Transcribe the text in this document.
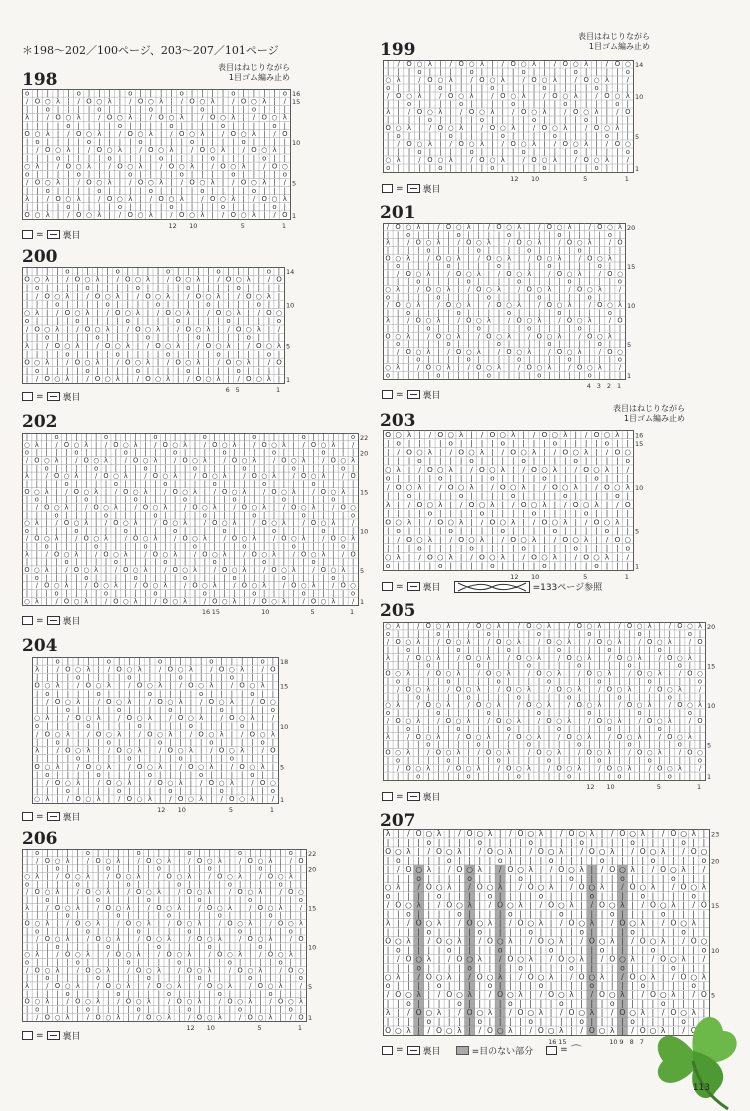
＊198〜202／100ページ、203〜207／101ページ
198
表目はねじりながら
1目ゴム編み止め
o | | | | o | | | | o | | | | o | | | | o | | | | o
/ O ○ λ | / O ○ λ | / O ○ λ | / O ○ λ | / O ○ λ | /
| | o | | | | o | | | | o | | | | o | | | | o | | |
λ | / O ○ λ | / O ○ λ | / O ○ λ | / O ○ λ | / O ○ λ
| | | | o | | | | o | | | | o | | | | o | | | | o |
O ○ λ | / O ○ λ | / O ○ λ | / O ○ λ | / O ○ λ | / O
| o | | | | o | | | | o | | | | o | | | | o | | | |
| / O ○ λ | / O ○ λ | / O ○ λ | / O ○ λ | / O ○ λ |
| | | o | | | | o | | | | o | | | | o | | | | o | |
○ λ | / O ○ λ | / O ○ λ | / O ○ λ | / O ○ λ | / O ○
o | | | | o | | | | o | | | | o | | | | o | | | | o
/ O ○ λ | / O ○ λ | / O ○ λ | / O ○ λ | / O ○ λ | /
| | o | | | | o | | | | o | | | | o | | | | o | | |
λ | / O ○ λ | / O ○ λ | / O ○ λ | / O ○ λ | / O ○ λ
| | | | o | | | | o | | | | o | | | | o | | | | o |
O ○ λ | / O ○ λ | / O ○ λ | / O ○ λ | / O ○ λ | / O
16
15
10
5
1
12 10	5	1
= 裏目
200
| | | | o | | | | o | | | | o | | | | o | | | | o |
O ○ λ | / O ○ λ | / O ○ λ | / O ○ λ | / O ○ λ | / O
| o | | | | o | | | | o | | | | o | | | | o | | | |
| / O ○ λ | / O ○ λ | / O ○ λ | / O ○ λ | / O ○ λ |
| | | o | | | | o | | | | o | | | | o | | | | o | |
○ λ | / O ○ λ | / O ○ λ | / O ○ λ | / O ○ λ | / O ○
o | | | | o | | | | o | | | | o | | | | o | | | | o
/ O ○ λ | / O ○ λ | / O ○ λ | / O ○ λ | / O ○ λ | /
| | o | | | | o | | | | o | | | | o | | | | o | | |
λ | / O ○ λ | / O ○ λ | / O ○ λ | / O ○ λ | / O ○ λ
| | | | o | | | | o | | | | o | | | | o | | | | o |
O ○ λ | / O ○ λ | / O ○ λ | / O ○ λ | / O ○ λ | / O
| o | | | | o | | | | o | | | | o | | | | o | | | |
| / O ○ λ | / O ○ λ | / O ○ λ | / O ○ λ | / O ○ λ |
14
10
5
1
6 5	1
= 裏目
202
| | | o | | | | o | | | | o | | | | o | | | | o | | | | o | | | | o
○ λ | / O ○ λ | / O ○ λ | / O ○ λ | / O ○ λ | / O ○ λ | / O ○ λ | /
o | | | | o | | | | o | | | | o | | | | o | | | | o | | | | o | | |
/ O ○ λ | / O ○ λ | / O ○ λ | / O ○ λ | / O ○ λ | / O ○ λ | / O ○ λ
| | o | | | | o | | | | o | | | | o | | | | o | | | | o | | | | o |
λ | / O ○ λ | / O ○ λ | / O ○ λ | / O ○ λ | / O ○ λ | / O ○ λ | / O
| | | | o | | | | o | | | | o | | | | o | | | | o | | | | o | | | |
O ○ λ | / O ○ λ | / O ○ λ | / O ○ λ | / O ○ λ | / O ○ λ | / O ○ λ |
| o | | | | o | | | | o | | | | o | | | | o | | | | o | | | | o | |
| / O ○ λ | / O ○ λ | / O ○ λ | / O ○ λ | / O ○ λ | / O ○ λ | / O ○
| | | o | | | | o | | | | o | | | | o | | | | o | | | | o | | | | o
○ λ | / O ○ λ | / O ○ λ | / O ○ λ | / O ○ λ | / O ○ λ | / O ○ λ | /
o | | | | o | | | | o | | | | o | | | | o | | | | o | | | | o | | |
/ O ○ λ | / O ○ λ | / O ○ λ | / O ○ λ | / O ○ λ | / O ○ λ | / O ○ λ
| | o | | | | o | | | | o | | | | o | | | | o | | | | o | | | | o |
λ | / O ○ λ | / O ○ λ | / O ○ λ | / O ○ λ | / O ○ λ | / O ○ λ | / O
| | | | o | | | | o | | | | o | | | | o | | | | o | | | | o | | | |
O ○ λ | / O ○ λ | / O ○ λ | / O ○ λ | / O ○ λ | / O ○ λ | / O ○ λ |
| o | | | | o | | | | o | | | | o | | | | o | | | | o | | | | o | |
| / O ○ λ | / O ○ λ | / O ○ λ | / O ○ λ | / O ○ λ | / O ○ λ | / O ○
| | | o | | | | o | | | | o | | | | o | | | | o | | | | o | | | | o
○ λ | / O ○ λ | / O ○ λ | / O ○ λ | / O ○ λ | / O ○ λ | / O ○ λ | /
22
20
15
10
5
1
16 15	10	5	1
= 裏目
204
| | o | | | | o | | | | o | | | | o | | | | o |
λ | / O ○ λ | / O ○ λ | / O ○ λ | / O ○ λ | / O
| | | | o | | | | o | | | | o | | | | o | | | |
O ○ λ | / O ○ λ | / O ○ λ | / O ○ λ | / O ○ λ |
| o | | | | o | | | | o | | | | o | | | | o | |
| / O ○ λ | / O ○ λ | / O ○ λ | / O ○ λ | / O ○
| | | o | | | | o | | | | o | | | | o | | | | o
○ λ | / O ○ λ | / O ○ λ | / O ○ λ | / O ○ λ | /
o | | | | o | | | | o | | | | o | | | | o | | |
/ O ○ λ | / O ○ λ | / O ○ λ | / O ○ λ | / O ○ λ
| | o | | | | o | | | | o | | | | o | | | | o |
λ | / O ○ λ | / O ○ λ | / O ○ λ | / O ○ λ | / O
| | | | o | | | | o | | | | o | | | | o | | | |
O ○ λ | / O ○ λ | / O ○ λ | / O ○ λ | / O ○ λ |
| o | | | | o | | | | o | | | | o | | | | o | |
| / O ○ λ | / O ○ λ | / O ○ λ | / O ○ λ | / O ○
| | | o | | | | o | | | | o | | | | o | | | | o
○ λ | / O ○ λ | / O ○ λ | / O ○ λ | / O ○ λ | /
18
15
10
5
1
12 10	5	1
= 裏目
206
| o | | | | o | | | | o | | | | o | | | | o | | | | o |
| / O ○ λ | / O ○ λ | / O ○ λ | / O ○ λ | / O ○ λ | / O
| | | o | | | | o | | | | o | | | | o | | | | o | | | |
○ λ | / O ○ λ | / O ○ λ | / O ○ λ | / O ○ λ | / O ○ λ |
o | | | | o | | | | o | | | | o | | | | o | | | | o | |
/ O ○ λ | / O ○ λ | / O ○ λ | / O ○ λ | / O ○ λ | / O ○
| | o | | | | o | | | | o | | | | o | | | | o | | | | o
λ | / O ○ λ | / O ○ λ | / O ○ λ | / O ○ λ | / O ○ λ | /
| | | | o | | | | o | | | | o | | | | o | | | | o | | |
O ○ λ | / O ○ λ | / O ○ λ | / O ○ λ | / O ○ λ | / O ○ λ
| o | | | | o | | | | o | | | | o | | | | o | | | | o |
| / O ○ λ | / O ○ λ | / O ○ λ | / O ○ λ | / O ○ λ | / O
| | | o | | | | o | | | | o | | | | o | | | | o | | | |
○ λ | / O ○ λ | / O ○ λ | / O ○ λ | / O ○ λ | / O ○ λ |
o | | | | o | | | | o | | | | o | | | | o | | | | o | |
/ O ○ λ | / O ○ λ | / O ○ λ | / O ○ λ | / O ○ λ | / O ○
| | o | | | | o | | | | o | | | | o | | | | o | | | | o
λ | / O ○ λ | / O ○ λ | / O ○ λ | / O ○ λ | / O ○ λ | /
| | | | o | | | | o | | | | o | | | | o | | | | o | | |
O ○ λ | / O ○ λ | / O ○ λ | / O ○ λ | / O ○ λ | / O ○ λ
| o | | | | o | | | | o | | | | o | | | | o | | | | o |
| / O ○ λ | / O ○ λ | / O ○ λ | / O ○ λ | / O ○ λ | / O
22
20
15
10
5
1
12 10	5	1
= 裏目
199
表目はねじりながら
1目ゴム編み止め
| / O ○ λ | / O ○ λ | / O ○ λ | / O ○ λ | / O ○
| | | o | | | | o | | | | o | | | | o | | | | o
○ λ | / O ○ λ | / O ○ λ | / O ○ λ | / O ○ λ | /
o | | | | o | | | | o | | | | o | | | | o | | |
/ O ○ λ | / O ○ λ | / O ○ λ | / O ○ λ | / O ○ λ
| | o | | | | o | | | | o | | | | o | | | | o |
λ | / O ○ λ | / O ○ λ | / O ○ λ | / O ○ λ | / O
| | | | o | | | | o | | | | o | | | | o | | | |
O ○ λ | / O ○ λ | / O ○ λ | / O ○ λ | / O ○ λ |
| o | | | | o | | | | o | | | | o | | | | o | |
| / O ○ λ | / O ○ λ | / O ○ λ | / O ○ λ | / O ○
| | | o | | | | o | | | | o | | | | o | | | | o
○ λ | / O ○ λ | / O ○ λ | / O ○ λ | / O ○ λ | /
o | | | | o | | | | o | | | | o | | | | o | | |
14
10
5
1
12 10	5	1
= 裏目
201
/ O ○ λ | / O ○ λ | / O ○ λ | / O ○ λ | / O ○ λ
| | o | | | | o | | | | o | | | | o | | | | o |
λ | / O ○ λ | / O ○ λ | / O ○ λ | / O ○ λ | / O
| | | | o | | | | o | | | | o | | | | o | | | |
O ○ λ | / O ○ λ | / O ○ λ | / O ○ λ | / O ○ λ |
| o | | | | o | | | | o | | | | o | | | | o | |
| / O ○ λ | / O ○ λ | / O ○ λ | / O ○ λ | / O ○
| | | o | | | | o | | | | o | | | | o | | | | o
○ λ | / O ○ λ | / O ○ λ | / O ○ λ | / O ○ λ | /
o | | | | o | | | | o | | | | o | | | | o | | |
/ O ○ λ | / O ○ λ | / O ○ λ | / O ○ λ | / O ○ λ
| | o | | | | o | | | | o | | | | o | | | | o |
λ | / O ○ λ | / O ○ λ | / O ○ λ | / O ○ λ | / O
| | | | o | | | | o | | | | o | | | | o | | | |
O ○ λ | / O ○ λ | / O ○ λ | / O ○ λ | / O ○ λ |
| o | | | | o | | | | o | | | | o | | | | o | |
| / O ○ λ | / O ○ λ | / O ○ λ | / O ○ λ | / O ○
| | | o | | | | o | | | | o | | | | o | | | | o
○ λ | / O ○ λ | / O ○ λ | / O ○ λ | / O ○ λ | /
o | | | | o | | | | o | | | | o | | | | o | | |
20
15
10
5
1
4 3 2 1
= 裏目
203
表目はねじりながら
1目ゴム編み止め
O ○ λ | / O ○ λ | / O ○ λ | / O ○ λ | / O ○ λ |
| o | | | | o | | | | o | | | | o | | | | o | |
| / O ○ λ | / O ○ λ | / O ○ λ | / O ○ λ | / O ○
| | | o | | | | o | | | | o | | | | o | | | | o
○ λ | / O ○ λ | / O ○ λ | / O ○ λ | / O ○ λ | /
o | | | | o | | | | o | | | | o | | | | o | | |
/ O ○ λ | / O ○ λ | / O ○ λ | / O ○ λ | / O ○ λ
| | o | | | | o | | | | o | | | | o | | | | o |
λ | / O ○ λ | / O ○ λ | / O ○ λ | / O ○ λ | / O
| | | | o | | | | o | | | | o | | | | o | | | |
O ○ λ | / O ○ λ | / O ○ λ | / O ○ λ | / O ○ λ |
| o | | | | o | | | | o | | | | o | | | | o | |
| / O ○ λ | / O ○ λ | / O ○ λ | / O ○ λ | / O ○
| | | o | | | | o | | | | o | | | | o | | | | o
○ λ | / O ○ λ | / O ○ λ | / O ○ λ | / O ○ λ | /
o | | | | o | | | | o | | | | o | | | | o | | |
16
15
10
5
1
12 10	5	1
= 裏目	=133ページ参照
205
○ λ | / O ○ λ | / O ○ λ | / O ○ λ | / O ○ λ | / O ○ λ | / O ○ λ
o | | | | o | | | | o | | | | o | | | | o | | | | o | | | | o |
/ O ○ λ | / O ○ λ | / O ○ λ | / O ○ λ | / O ○ λ | / O ○ λ | / O
| | o | | | | o | | | | o | | | | o | | | | o | | | | o | | | |
λ | / O ○ λ | / O ○ λ | / O ○ λ | / O ○ λ | / O ○ λ | / O ○ λ |
| | | | o | | | | o | | | | o | | | | o | | | | o | | | | o | |
O ○ λ | / O ○ λ | / O ○ λ | / O ○ λ | / O ○ λ | / O ○ λ | / O ○
| o | | | | o | | | | o | | | | o | | | | o | | | | o | | | | o
| / O ○ λ | / O ○ λ | / O ○ λ | / O ○ λ | / O ○ λ | / O ○ λ | /
| | | o | | | | o | | | | o | | | | o | | | | o | | | | o | | |
○ λ | / O ○ λ | / O ○ λ | / O ○ λ | / O ○ λ | / O ○ λ | / O ○ λ
o | | | | o | | | | o | | | | o | | | | o | | | | o | | | | o |
/ O ○ λ | / O ○ λ | / O ○ λ | / O ○ λ | / O ○ λ | / O ○ λ | / O
| | o | | | | o | | | | o | | | | o | | | | o | | | | o | | | |
λ | / O ○ λ | / O ○ λ | / O ○ λ | / O ○ λ | / O ○ λ | / O ○ λ |
| | | | o | | | | o | | | | o | | | | o | | | | o | | | | o | |
O ○ λ | / O ○ λ | / O ○ λ | / O ○ λ | / O ○ λ | / O ○ λ | / O ○
| o | | | | o | | | | o | | | | o | | | | o | | | | o | | | | o
| / O ○ λ | / O ○ λ | / O ○ λ | / O ○ λ | / O ○ λ | / O ○ λ | /
| | | o | | | | o | | | | o | | | | o | | | | o | | | | o | | |
20
15
10
5
1
12 10	5	1
= 裏目
207
λ | / O ○ λ | / O ○ λ | / O ○ λ | / O ○ λ | / O ○ λ | / O ○ λ |
| | | | o | | | | o | | | | o | | | | o | | | | o | | | | o | |
O ○ λ | / O ○ λ | / O ○ λ | / O ○ λ | / O ○ λ | / O ○ λ | / O ○
| o | | | | o | | | | o | | | | o | | | | o | | | | o | | | | o
| / O ○ λ | / O ○ λ | / O ○ λ | / O ○ λ | / O ○ λ | / O ○ λ | /
| | | o | | | | o | | | | o | | | | o | | | | o | | | | o | | |
○ λ | / O ○ λ | / O ○ λ | / O ○ λ | / O ○ λ | / O ○ λ | / O ○ λ
o | | | | o | | | | o | | | | o | | | | o | | | | o | | | | o |
/ O ○ λ | / O ○ λ | / O ○ λ | / O ○ λ | / O ○ λ | / O ○ λ | / O
| | o | | | | o | | | | o | | | | o | | | | o | | | | o | | | |
λ | / O ○ λ | / O ○ λ | / O ○ λ | / O ○ λ | / O ○ λ | / O ○ λ |
| | | | o | | | | o | | | | o | | | | o | | | | o | | | | o | |
O ○ λ | / O ○ λ | / O ○ λ | / O ○ λ | / O ○ λ | / O ○ λ | / O ○
| o | | | | o | | | | o | | | | o | | | | o | | | | o | | | | o
| / O ○ λ | / O ○ λ | / O ○ λ | / O ○ λ | / O ○ λ | / O ○ λ | /
| | | o | | | | o | | | | o | | | | o | | | | o | | | | o | | |
○ λ | / O ○ λ | / O ○ λ | / O ○ λ | / O ○ λ | / O ○ λ | / O ○ λ
o | | | | o | | | | o | | | | o | | | | o | | | | o | | | | o |
/ O ○ λ | / O ○ λ | / O ○ λ | / O ○ λ | / O ○ λ | / O ○ λ | / O
| | o | | | | o | | | | o | | | | o | | | | o | | | | o | | | |
λ | / O ○ λ | / O ○ λ | / O ○ λ | / O ○ λ | / O ○ λ | / O ○ λ |
| | | | o | | | | o | | | | o | | | | o | | | | o | | | | o |
O ○ λ | / O ○ λ | / O ○ λ | / O ○ λ | / O ○ λ | / O ○ λ | / O
23
20
15
10
5
16 15	10 9 8 7
= 裏目	=目のない部分	= ⌒
113
